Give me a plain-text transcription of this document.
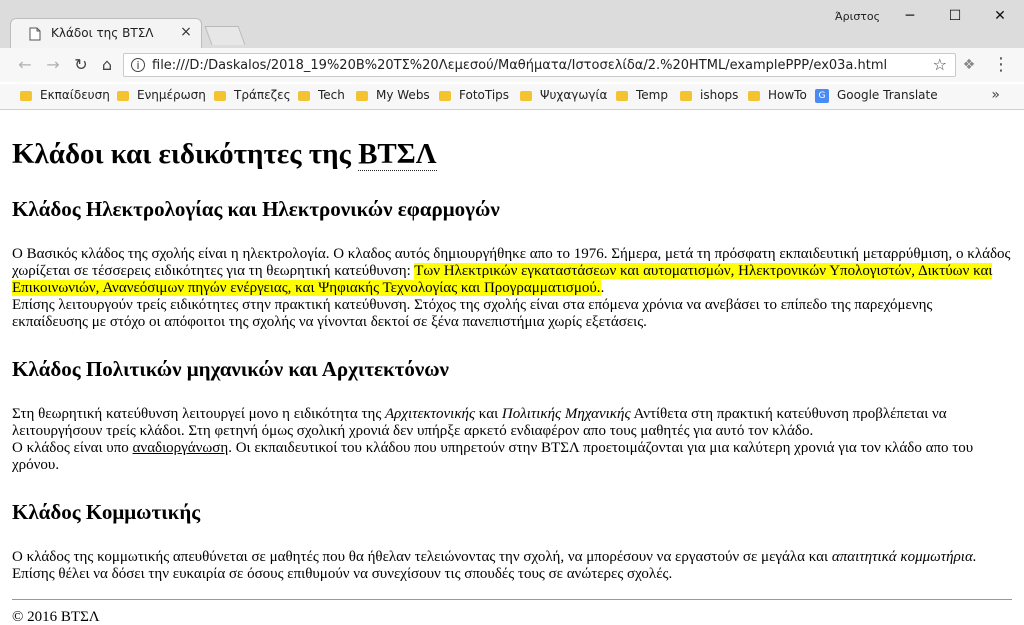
Κλάδοι της ΒΤΣΛ ×
Άριστος	─	☐	✕
← → ↻ ⌂	i file:///D:/Daskalos/2018_19%20B%20ΤΣ%20Λεμεσού/Μαθήματα/Ιστοσελίδα/2.%20HTML/examplePPP/ex03a.html	☆ ❖ ⋮
Εκπαίδευση	Ενημέρωση	Τράπεζες	Tech	My Webs	FotoTips	Ψυχαγωγία	Temp	ishops	HowTo	G Google Translate	»
Κλάδοι και ειδικότητες της ΒΤΣΛ
Κλάδος Ηλεκτρολογίας και Ηλεκτρονικών εφαρμογών

Ο Βασικός κλάδος της σχολής είναι η ηλεκτρολογία. Ο κλαδος αυτός δημιουργήθηκε απο το 1976. Σήμερα, μετά τη πρόσφατη εκπαιδευτική μεταρρύθμιση, ο κλάδος χωρίζεται σε τέσσερεις ειδικότητες για τη θεωρητική κατεύθυνση: Των Ηλεκτρικών εγκαταστάσεων και αυτοματισμών, Ηλεκτρονικών Υπολογιστών, Δικτύων και Επικοινωνιών, Ανανεόσιμων πηγών ενέργειας, και Ψηφιακής Τεχνολογίας και Προγραμματισμού..
Επίσης λειτουργούν τρείς ειδικότητες στην πρακτική κατεύθυνση. Στόχος της σχολής είναι στα επόμενα χρόνια να ανεβάσει το επίπεδο της παρεχόμενης εκπαίδευσης με στόχο οι απόφοιτοι της σχολής να γίνονται δεκτοί σε ξένα πανεπιστήμια χωρίς εξετάσεις.

Κλάδος Πολιτικών μηχανικών και Αρχιτεκτόνων

Στη θεωρητική κατεύθυνση λειτουργεί μονο η ειδικότητα της Αρχιτεκτονικής και Πολιτικής Μηχανικής Αντίθετα στη πρακτική κατεύθυνση προβλέπεται να λειτουργήσουν τρείς κλάδοι. Στη φετηνή όμως σχολική χρονιά δεν υπήρξε αρκετό ενδιαφέρον απο τους μαθητές για αυτό τον κλάδο.
Ο κλάδος είναι υπο αναδιοργάνωση. Οι εκπαιδευτικοί του κλάδου που υπηρετούν στην ΒΤΣΛ προετοιμάζονται για μια καλύτερη χρονιά για τον κλάδο απο του χρόνου.

Κλάδος Κομμωτικής

Ο κλάδος της κομμωτικής απευθύνεται σε μαθητές που θα ήθελαν τελειώνοντας την σχολή, να μπορέσουν να εργαστούν σε μεγάλα και απαιτητικά κομμωτήρια.
Επίσης θέλει να δόσει την ευκαιρία σε όσους επιθυμούν να συνεχίσουν τις σπουδές τους σε ανώτερες σχολές.

© 2016 ΒΤΣΛ
